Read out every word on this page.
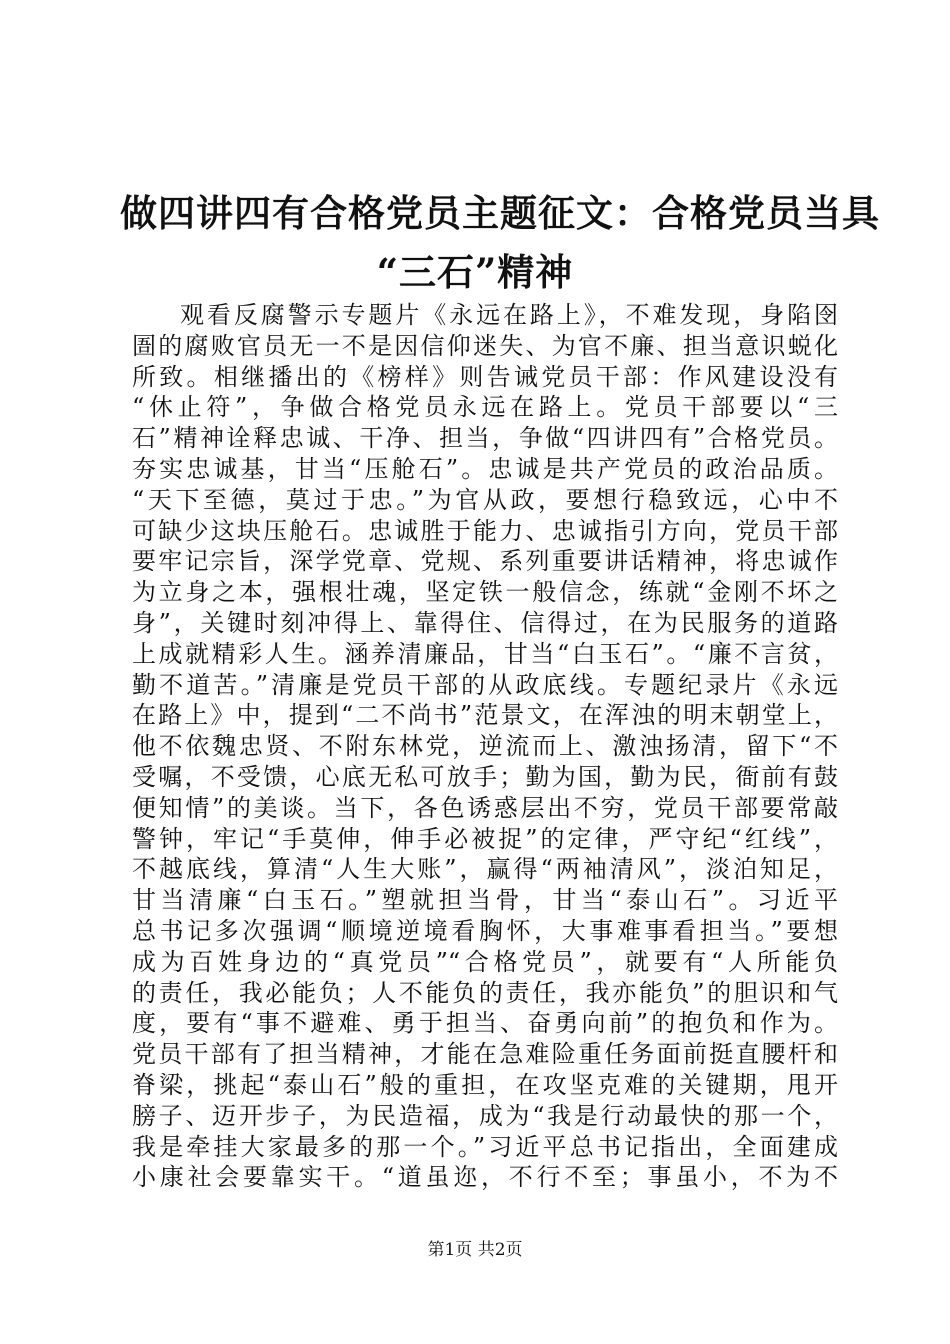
做四讲四有合格党员主题征文：合格党员当具
“三石”精神
观看反腐警示专题片《永远在路上》，不难发现，身陷囹
圄的腐败官员无一不是因信仰迷失、为官不廉、担当意识蜕化
所致。相继播出的《榜样》则告诫党员干部：作风建设没有
“休止符”，争做合格党员永远在路上。党员干部要以“三
石”精神诠释忠诚、干净、担当，争做“四讲四有”合格党员。
夯实忠诚基，甘当“压舱石”。忠诚是共产党员的政治品质。
“天下至德，莫过于忠。”为官从政，要想行稳致远，心中不
可缺少这块压舱石。忠诚胜于能力、忠诚指引方向，党员干部
要牢记宗旨，深学党章、党规、系列重要讲话精神，将忠诚作
为立身之本，强根壮魂，坚定铁一般信念，练就“金刚不坏之
身”，关键时刻冲得上、靠得住、信得过，在为民服务的道路
上成就精彩人生。涵养清廉品，甘当“白玉石”。“廉不言贫，
勤不道苦。”清廉是党员干部的从政底线。专题纪录片《永远
在路上》中，提到“二不尚书”范景文，在浑浊的明末朝堂上，
他不依魏忠贤、不附东林党，逆流而上、激浊扬清，留下“不
受嘱，不受馈，心底无私可放手；勤为国，勤为民，衙前有鼓
便知情”的美谈。当下，各色诱惑层出不穷，党员干部要常敲
警钟，牢记“手莫伸，伸手必被捉”的定律，严守纪“红线”，
不越底线，算清“人生大账”，赢得“两袖清风”，淡泊知足，
甘当清廉“白玉石。”塑就担当骨，甘当“泰山石”。习近平
总书记多次强调“顺境逆境看胸怀，大事难事看担当。”要想
成为百姓身边的“真党员”“合格党员”，就要有“人所能负
的责任，我必能负；人不能负的责任，我亦能负”的胆识和气
度，要有“事不避难、勇于担当、奋勇向前”的抱负和作为。
党员干部有了担当精神，才能在急难险重任务面前挺直腰杆和
脊梁，挑起“泰山石”般的重担，在攻坚克难的关键期，甩开
膀子、迈开步子，为民造福，成为“我是行动最快的那一个，
我是牵挂大家最多的那一个。”习近平总书记指出，全面建成
小康社会要靠实干。“道虽迩，不行不至；事虽小，不为不
第1页 共2页
